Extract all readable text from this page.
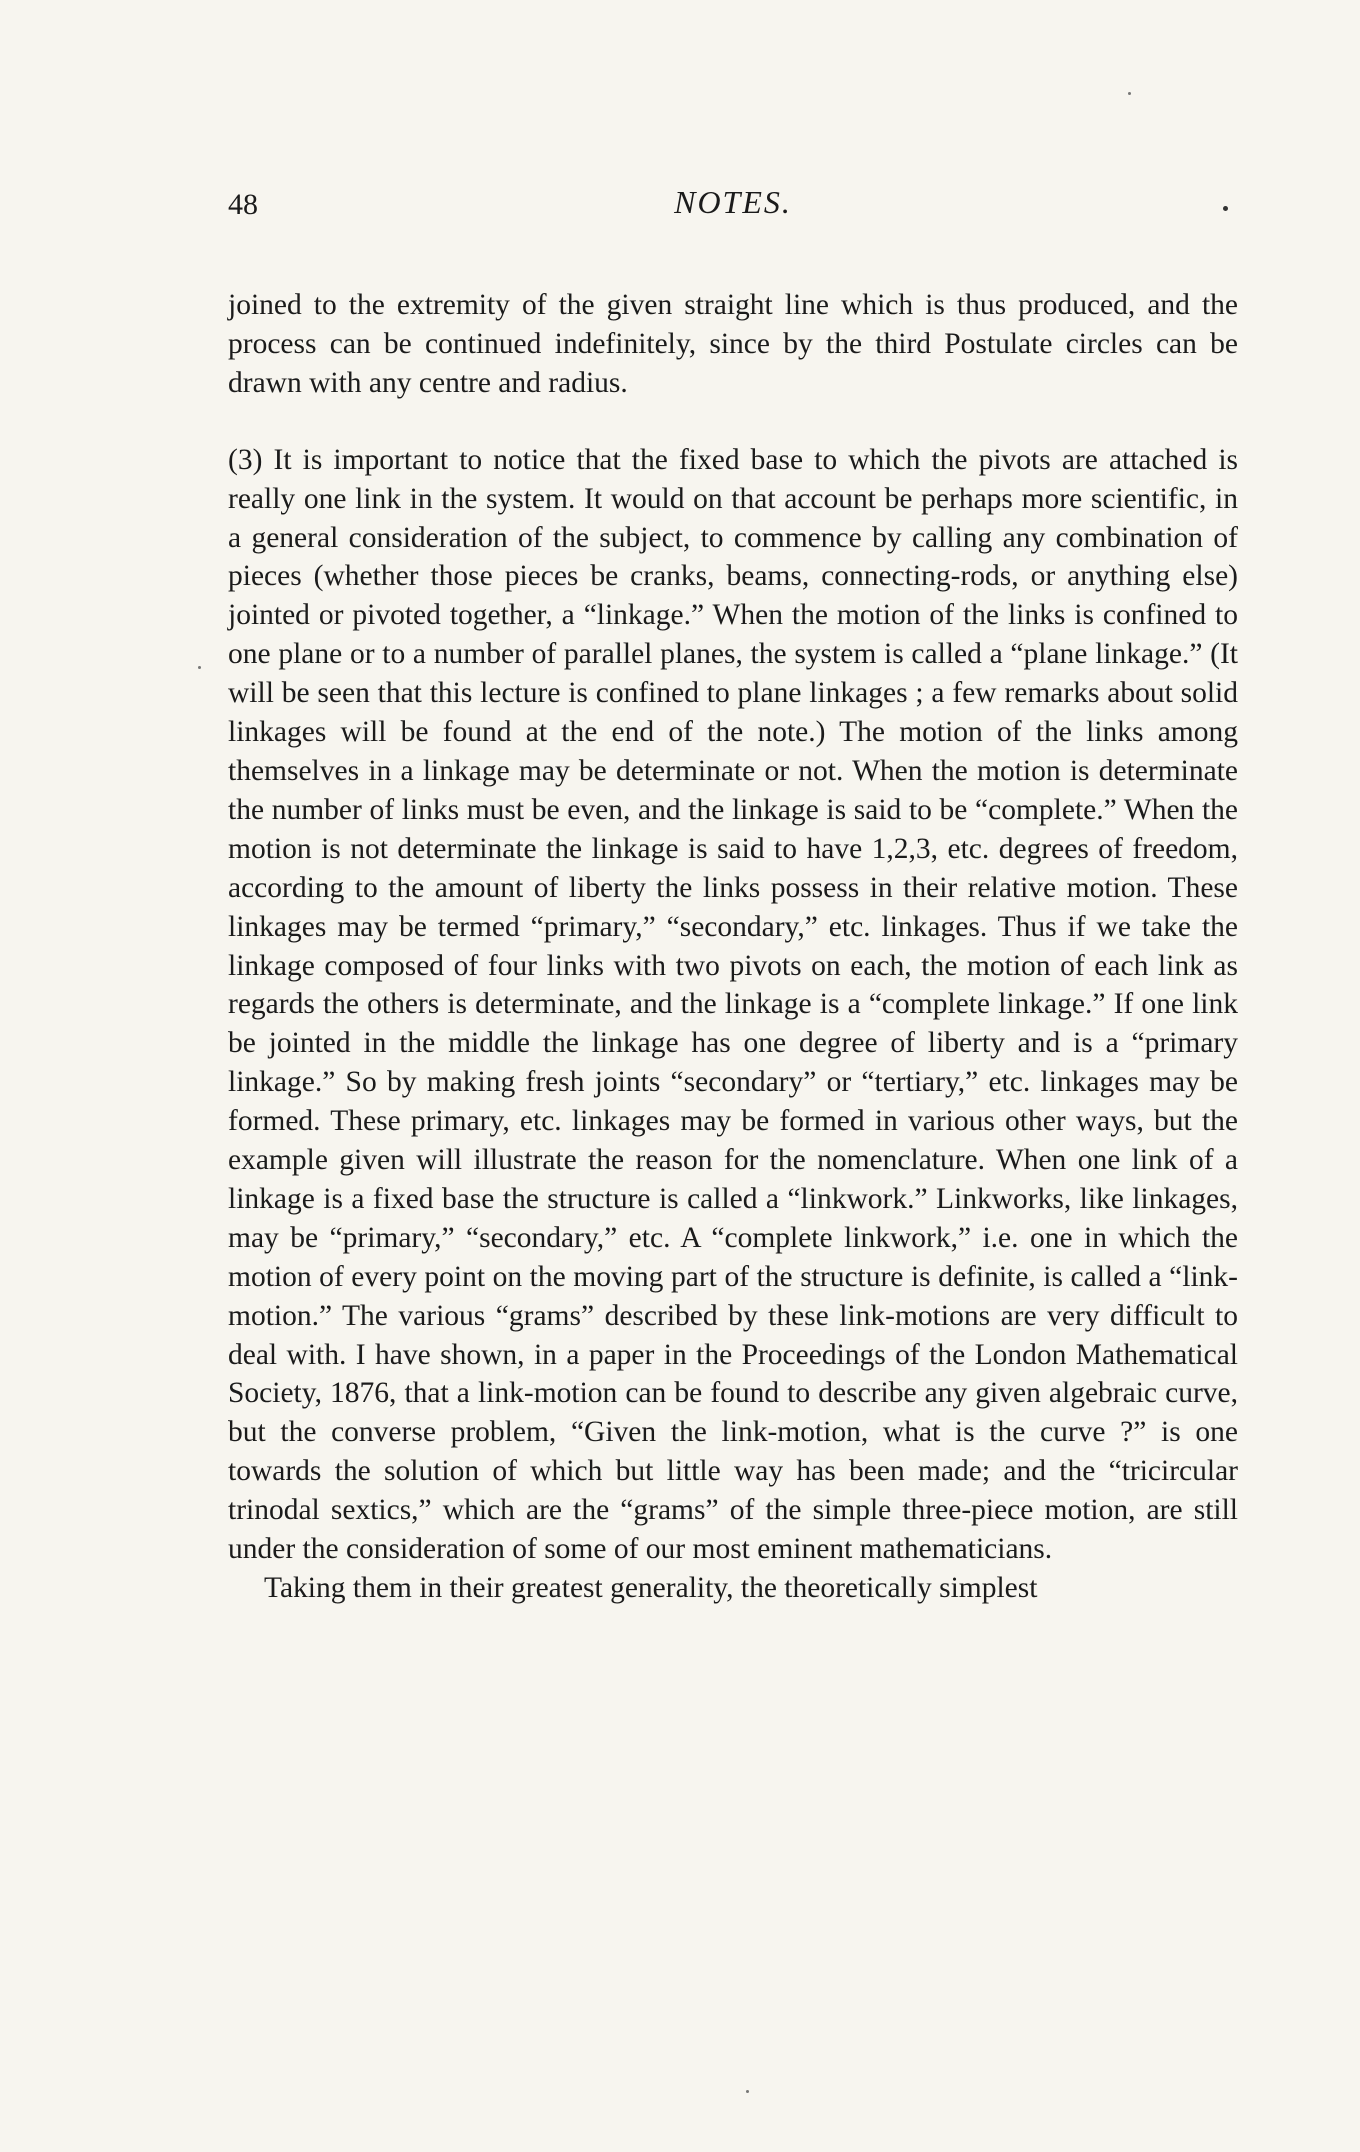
48	NOTES.

joined to the extremity of the given straight line which is thus produced, and the process can be continued indefinitely, since by the third Postulate circles can be drawn with any centre and radius.

(3) It is important to notice that the fixed base to which the pivots are attached is really one link in the system. It would on that account be perhaps more scientific, in a general consideration of the subject, to commence by calling any combination of pieces (whether those pieces be cranks, beams, connecting-rods, or anything else) jointed or pivoted together, a “linkage.” When the motion of the links is confined to one plane or to a number of parallel planes, the system is called a “plane linkage.” (It will be seen that this lecture is confined to plane linkages ; a few remarks about solid linkages will be found at the end of the note.) The motion of the links among themselves in a linkage may be determinate or not. When the motion is determinate the number of links must be even, and the linkage is said to be “complete.” When the motion is not determinate the linkage is said to have 1,2,3, etc. degrees of freedom, according to the amount of liberty the links possess in their relative motion. These linkages may be termed “primary,” “secondary,” etc. linkages. Thus if we take the linkage composed of four links with two pivots on each, the motion of each link as regards the others is determinate, and the linkage is a “complete linkage.” If one link be jointed in the middle the linkage has one degree of liberty and is a “primary linkage.” So by making fresh joints “secondary” or “tertiary,” etc. linkages may be formed. These primary, etc. linkages may be formed in various other ways, but the example given will illustrate the reason for the nomenclature. When one link of a linkage is a fixed base the structure is called a “linkwork.” Linkworks, like linkages, may be “primary,” “secondary,” etc. A “complete linkwork,” i.e. one in which the motion of every point on the moving part of the structure is definite, is called a “link-motion.” The various “grams” described by these link-motions are very difficult to deal with. I have shown, in a paper in the Proceedings of the London Mathematical Society, 1876, that a link-motion can be found to describe any given algebraic curve, but the converse problem, “Given the link-motion, what is the curve ?” is one towards the solution of which but little way has been made; and the “tricircular trinodal sextics,” which are the “grams” of the simple three-piece motion, are still under the consideration of some of our most eminent mathematicians.

Taking them in their greatest generality, the theoretically simplest
